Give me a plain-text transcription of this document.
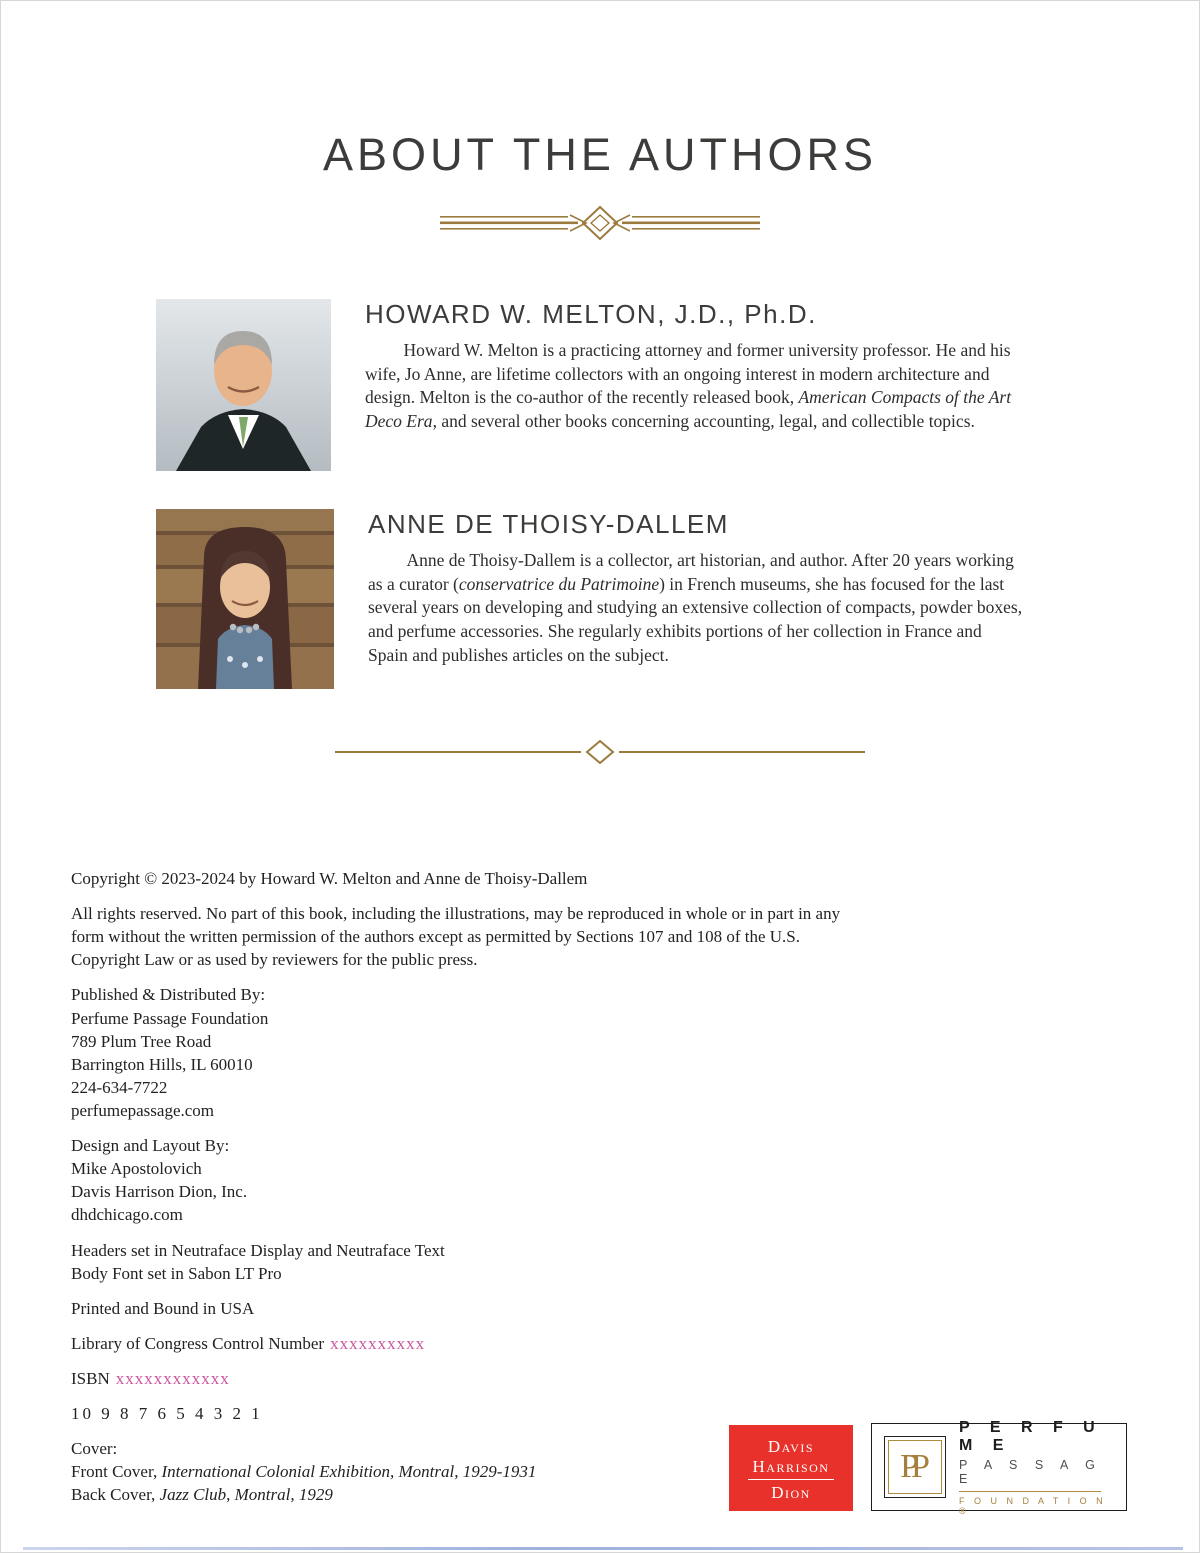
ABOUT THE AUTHORS
HOWARD W. MELTON, J.D., Ph.D.

Howard W. Melton is a practicing attorney and former university professor. He and his wife, Jo Anne, are lifetime collectors with an ongoing interest in modern architecture and design. Melton is the co-author of the recently released book, American Compacts of the Art Deco Era, and several other books concerning accounting, legal, and collectible topics.

ANNE DE THOISY-DALLEM

Anne de Thoisy-Dallem is a collector, art historian, and author. After 20 years working as a curator (conservatrice du Patrimoine) in French museums, she has focused for the last several years on developing and studying an extensive collection of compacts, powder boxes, and perfume accessories. She regularly exhibits portions of her collection in France and Spain and publishes articles on the subject.

Copyright © 2023-2024 by Howard W. Melton and Anne de Thoisy-Dallem
All rights reserved. No part of this book, including the illustrations, may be reproduced in whole or in part in any form without the written permission of the authors except as permitted by Sections 107 and 108 of the U.S. Copyright Law or as used by reviewers for the public press.
Published & Distributed By:
Perfume Passage Foundation
789 Plum Tree Road
Barrington Hills, IL 60010
224-634-7722
perfumepassage.com
Design and Layout By:
Mike Apostolovich
Davis Harrison Dion, Inc.
dhdchicago.com
Headers set in Neutraface Display and Neutraface Text
Body Font set in Sabon LT Pro
Printed and Bound in USA
Library of Congress Control Number xxxxxxxxxx
ISBN xxxxxxxxxxxx
10 9 8 7 6 5 4 3 2 1
Cover:
Front Cover, International Colonial Exhibition, Montral, 1929-1931
Back Cover, Jazz Club, Montral, 1929
Davis
Harrison
Dion
PP
P E R F U M E
P A S S A G E
F O U N D A T I O N ®
